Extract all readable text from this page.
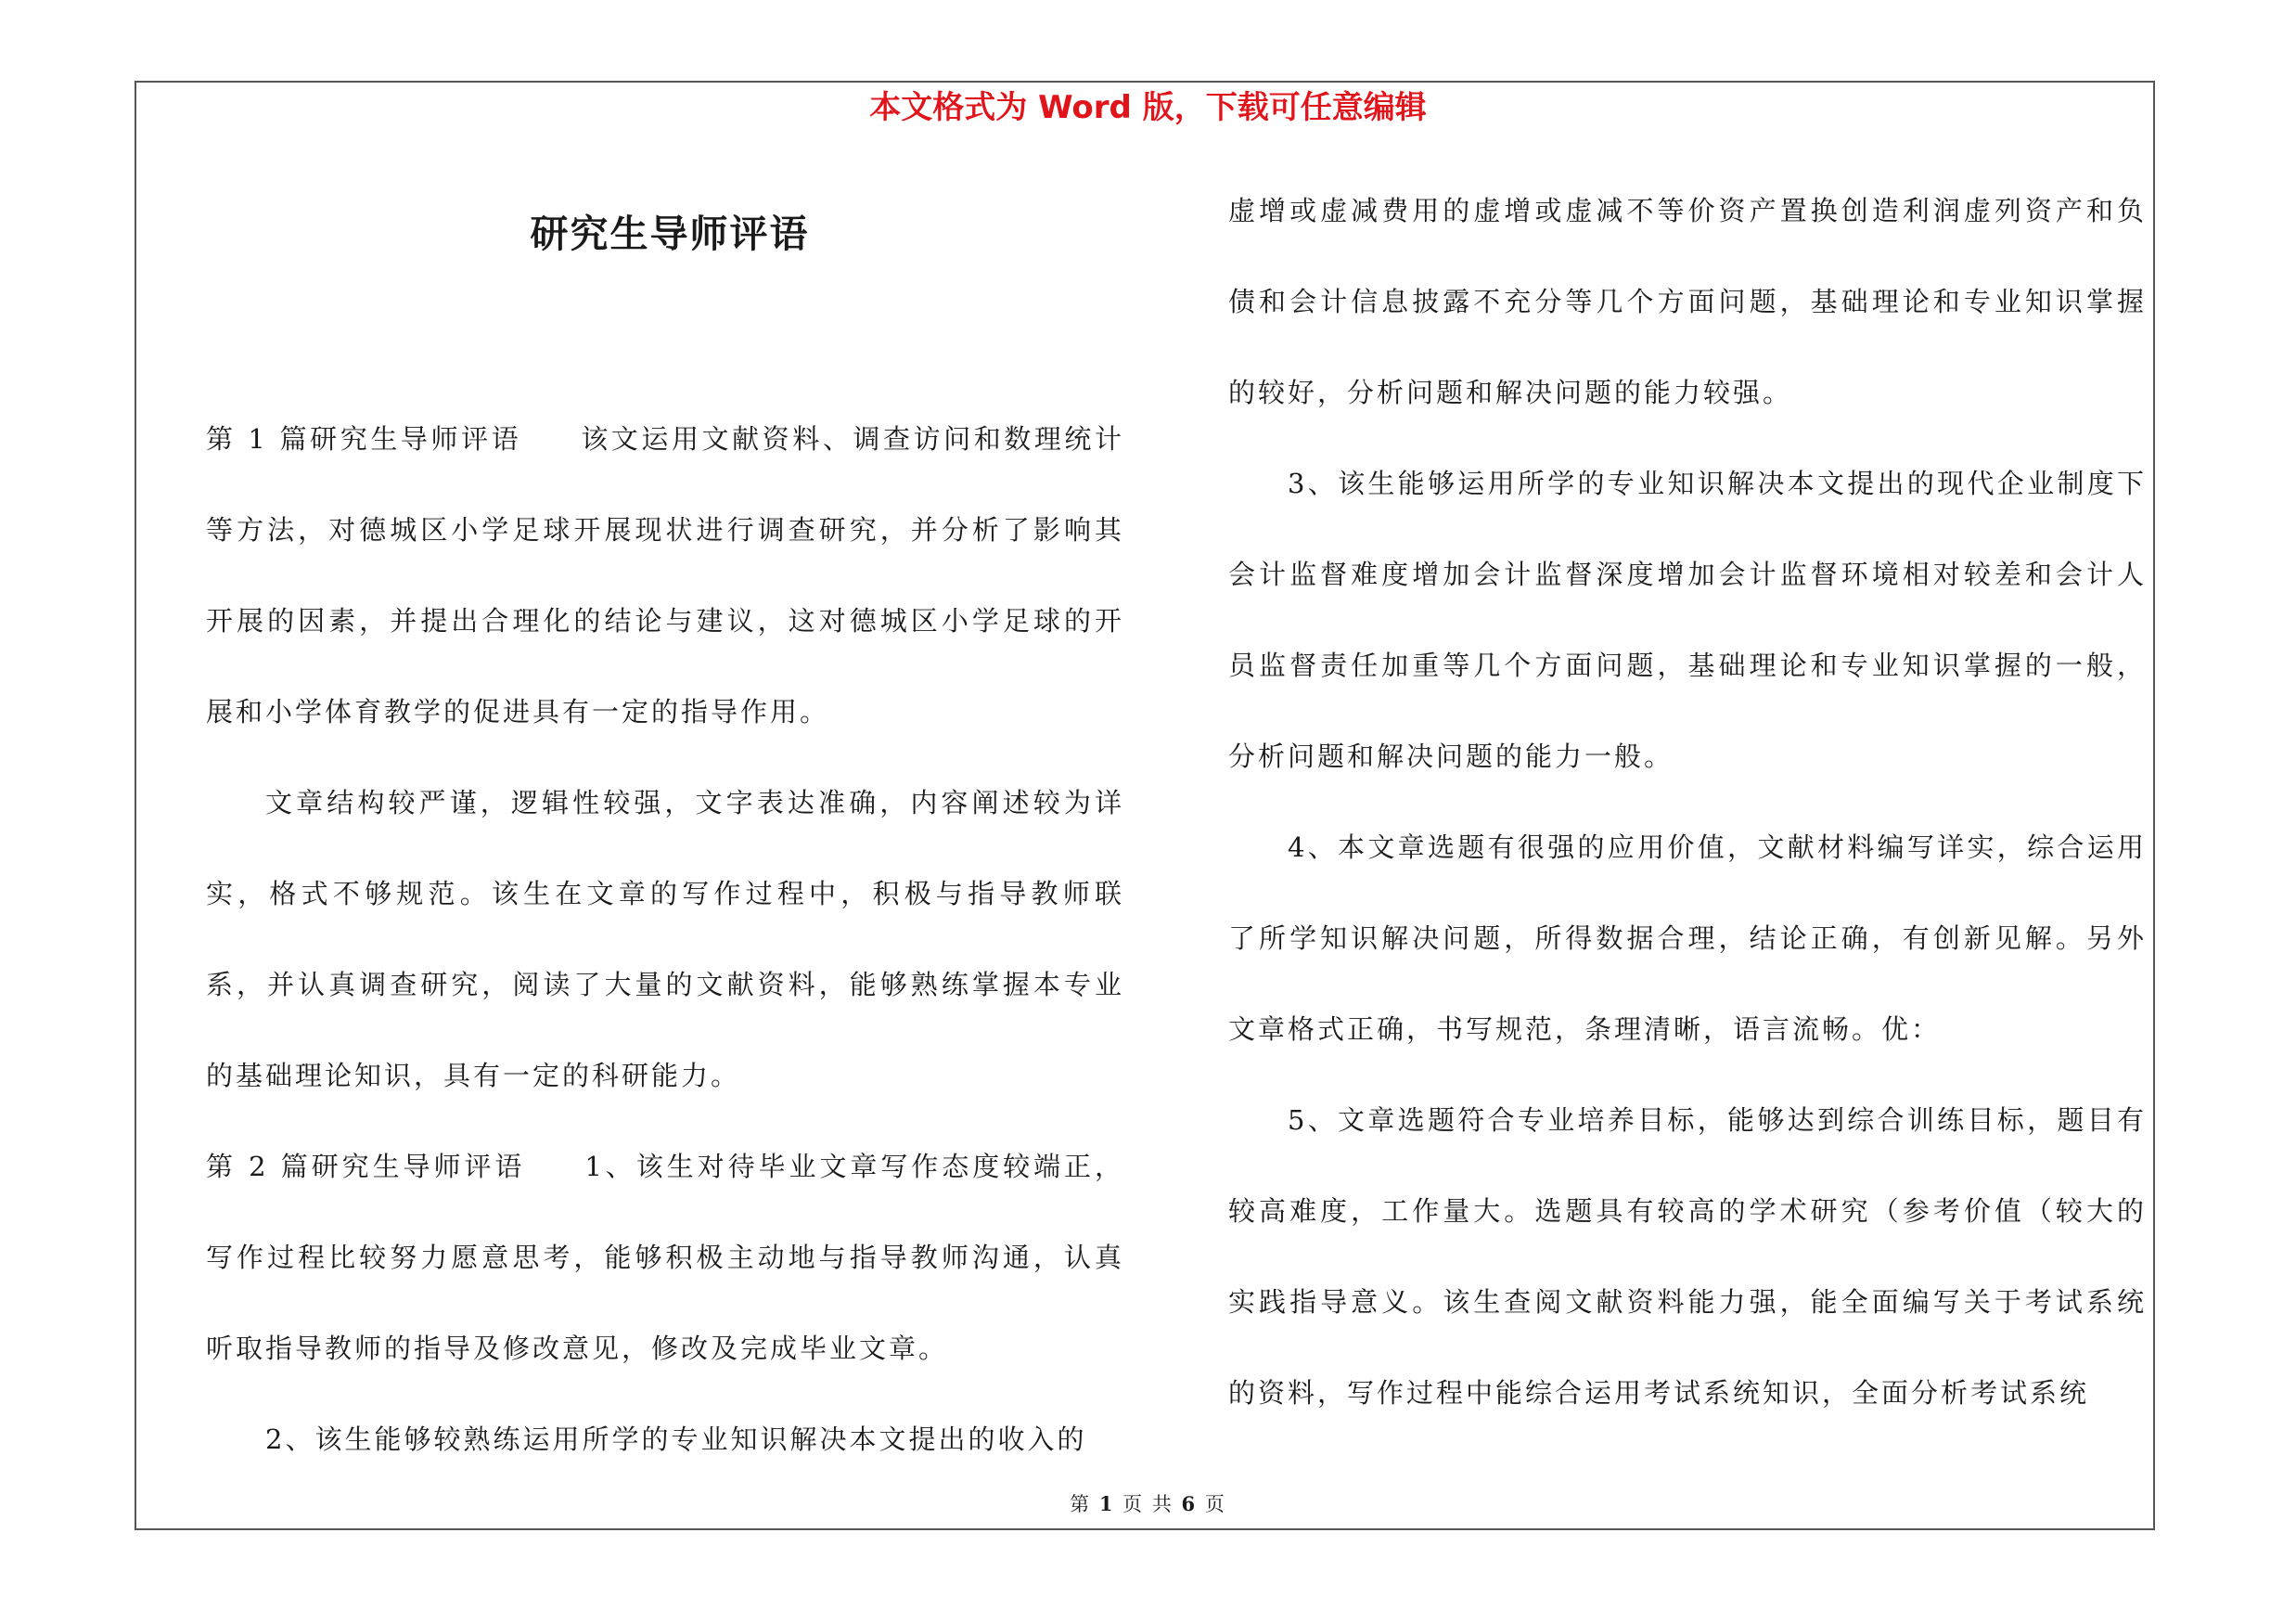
本文格式为 Word 版，下载可任意编辑
研究生导师评语

第 1 篇研究生导师评语 该文运用文献资料、调查访问和数理统计等方法，对德城区小学足球开展现状进行调查研究，并分析了影响其开展的因素，并提出合理化的结论与建议，这对德城区小学足球的开展和小学体育教学的促进具有一定的指导作用。

文章结构较严谨，逻辑性较强，文字表达准确，内容阐述较为详实，格式不够规范。该生在文章的写作过程中，积极与指导教师联系，并认真调查研究，阅读了大量的文献资料，能够熟练掌握本专业的基础理论知识，具有一定的科研能力。

第 2 篇研究生导师评语 1、该生对待毕业文章写作态度较端正，写作过程比较努力愿意思考，能够积极主动地与指导教师沟通，认真听取指导教师的指导及修改意见，修改及完成毕业文章。

2、该生能够较熟练运用所学的专业知识解决本文提出的收入的

虚增或虚减费用的虚增或虚减不等价资产置换创造利润虚列资产和负债和会计信息披露不充分等几个方面问题，基础理论和专业知识掌握的较好，分析问题和解决问题的能力较强。

3、该生能够运用所学的专业知识解决本文提出的现代企业制度下会计监督难度增加会计监督深度增加会计监督环境相对较差和会计人员监督责任加重等几个方面问题，基础理论和专业知识掌握的一般，分析问题和解决问题的能力一般。

4、本文章选题有很强的应用价值，文献材料编写详实，综合运用了所学知识解决问题，所得数据合理，结论正确，有创新见解。另外文章格式正确，书写规范，条理清晰，语言流畅。优：

5、文章选题符合专业培养目标，能够达到综合训练目标，题目有较高难度，工作量大。选题具有较高的学术研究（参考价值（较大的实践指导意义。该生查阅文献资料能力强，能全面编写关于考试系统的资料，写作过程中能综合运用考试系统知识，全面分析考试系统

第 1 页 共 6 页
